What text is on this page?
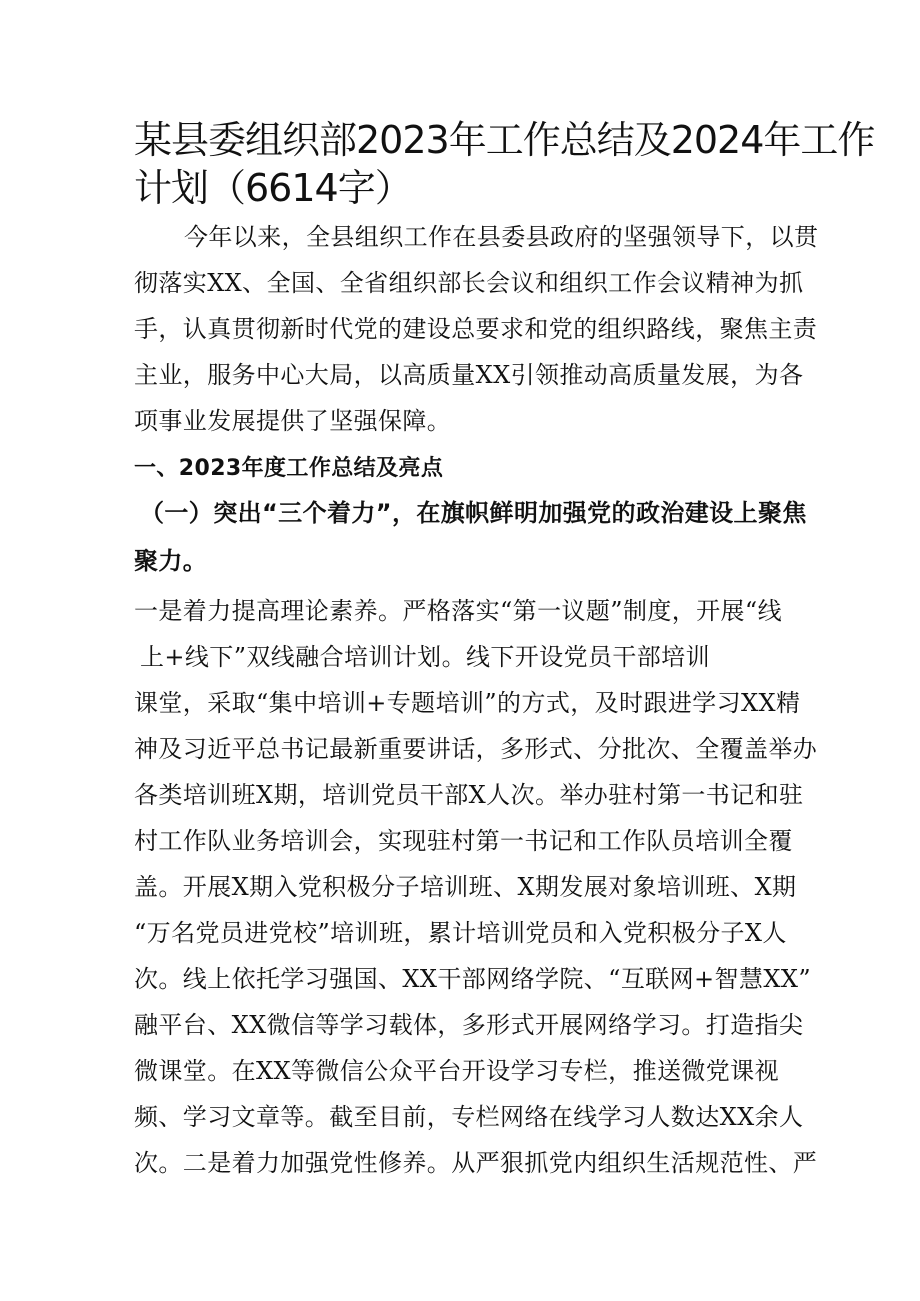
某县委组织部2023年工作总结及2024年工作
计划（6614字）
今年以来，全县组织工作在县委县政府的坚强领导下，以贯
彻落实XX、全国、全省组织部长会议和组织工作会议精神为抓
手，认真贯彻新时代党的建设总要求和党的组织路线，聚焦主责
主业，服务中心大局，以高质量XX引领推动高质量发展，为各
项事业发展提供了坚强保障。
一、2023年度工作总结及亮点
（一）突出“三个着力”，在旗帜鲜明加强党的政治建设上聚焦
聚力。
一是着力提高理论素养。严格落实“第一议题”制度，开展“线
上+线下”双线融合培训计划。线下开设党员干部培训
课堂，采取“集中培训+专题培训”的方式，及时跟进学习XX精
神及习近平总书记最新重要讲话，多形式、分批次、全覆盖举办
各类培训班X期，培训党员干部X人次。举办驻村第一书记和驻
村工作队业务培训会，实现驻村第一书记和工作队员培训全覆
盖。开展X期入党积极分子培训班、X期发展对象培训班、X期
“万名党员进党校”培训班，累计培训党员和入党积极分子X人
次。线上依托学习强国、XX干部网络学院、“互联网+智慧XX”
融平台、XX微信等学习载体，多形式开展网络学习。打造指尖
微课堂。在XX等微信公众平台开设学习专栏，推送微党课视
频、学习文章等。截至目前，专栏网络在线学习人数达XX余人
次。二是着力加强党性修养。从严狠抓党内组织生活规范性、严
